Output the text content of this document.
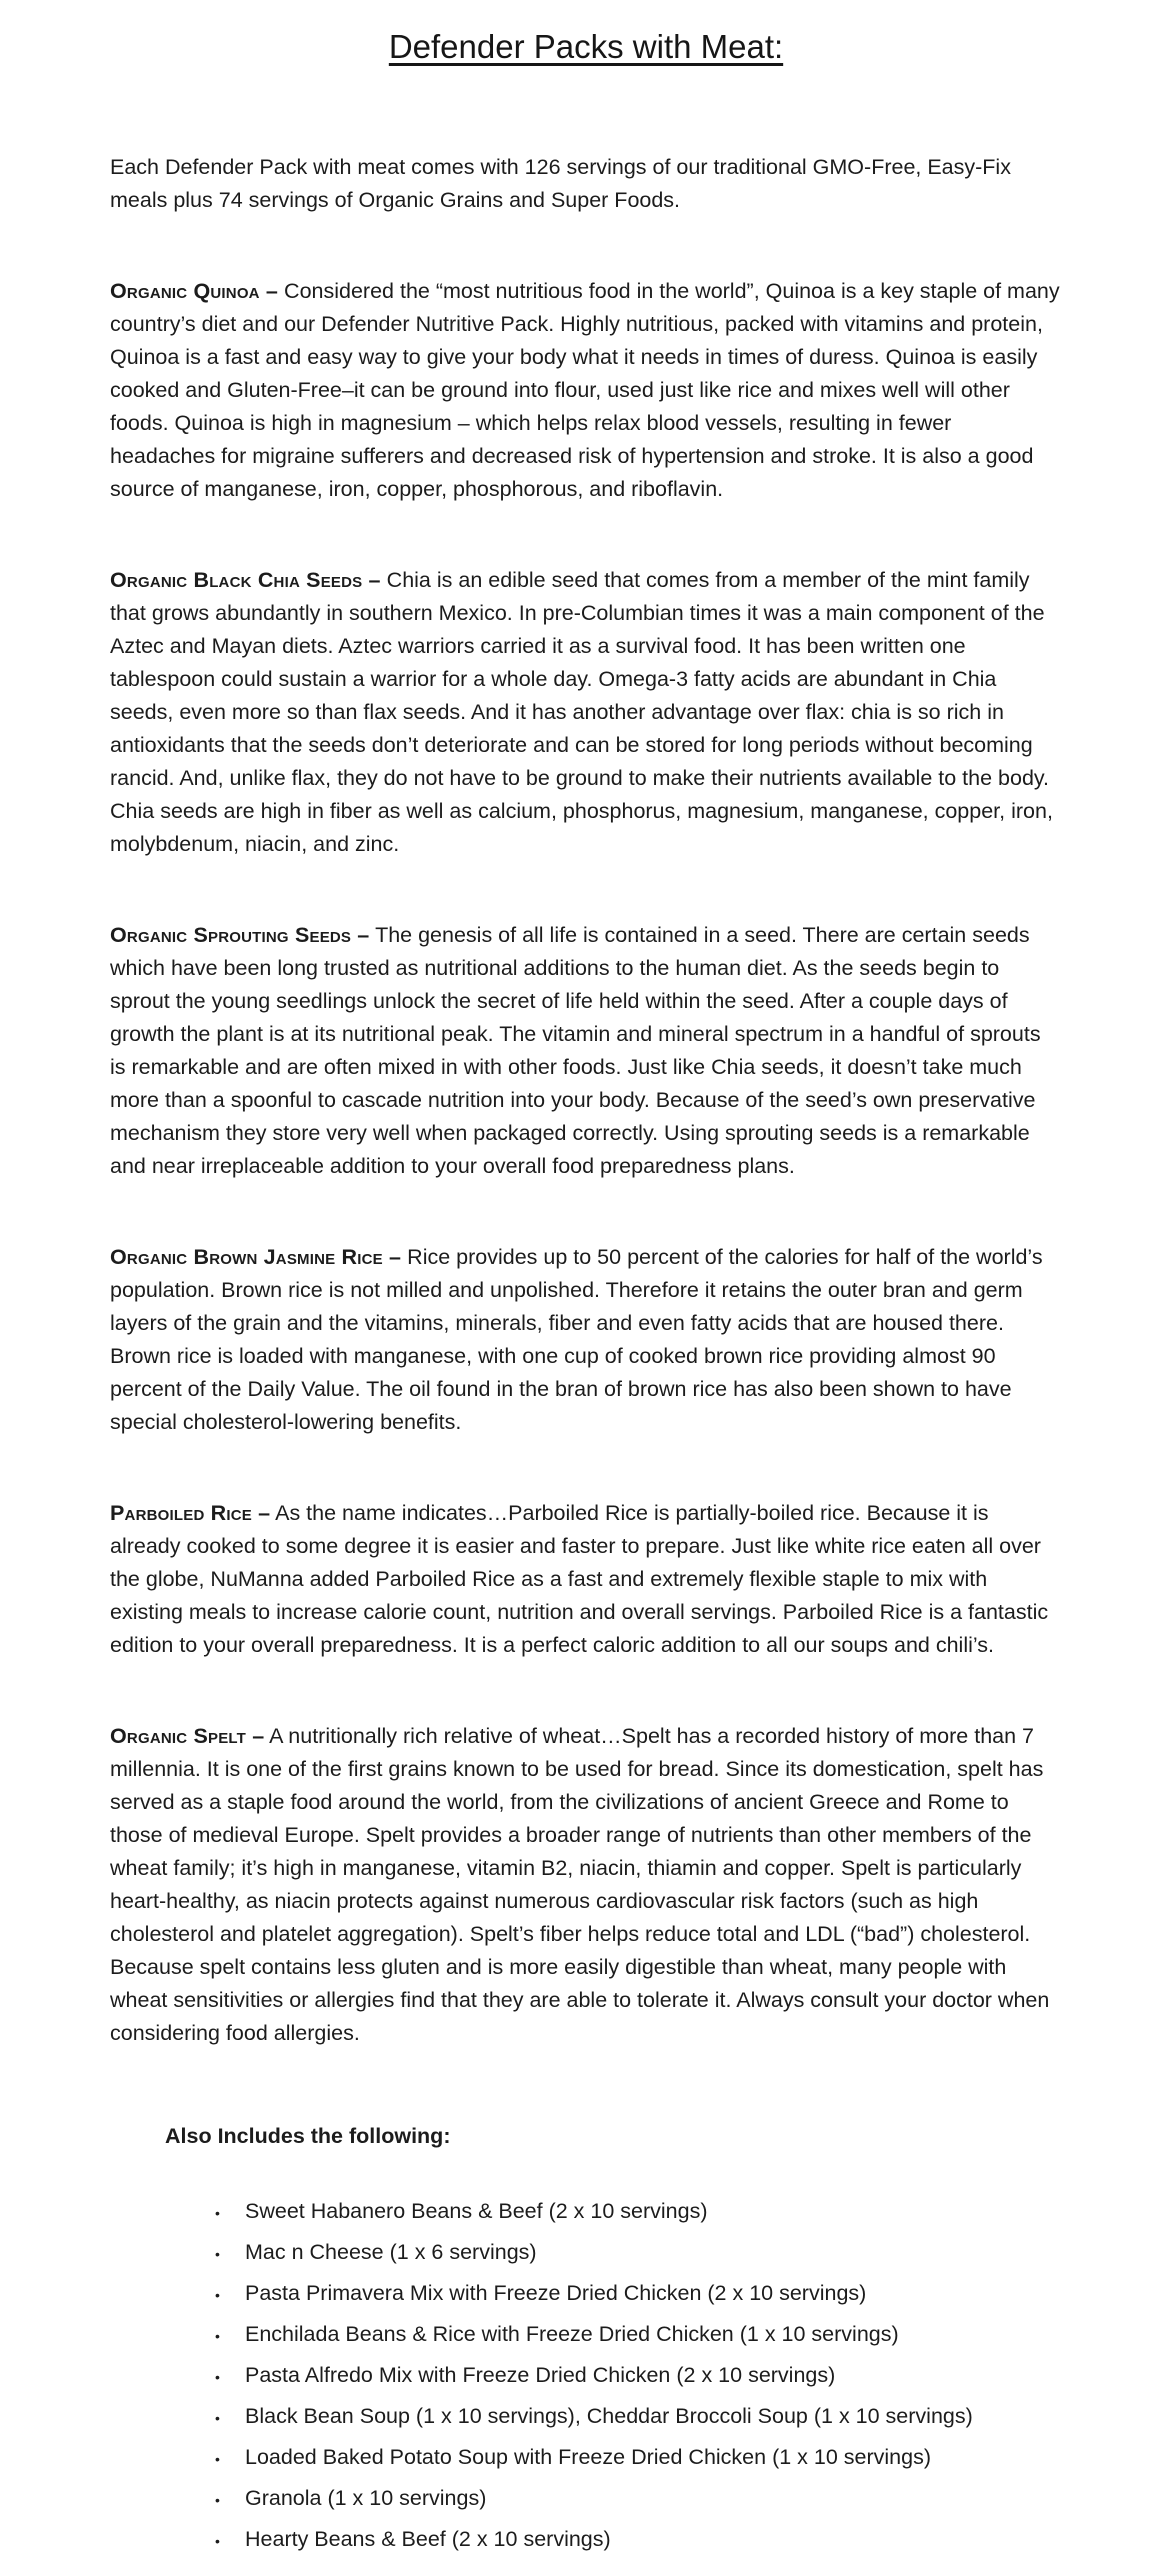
Defender Packs with Meat:

Each Defender Pack with meat comes with 126 servings of our traditional GMO-Free, Easy-Fix meals plus 74 servings of Organic Grains and Super Foods.

Organic Quinoa – Considered the “most nutritious food in the world”, Quinoa is a key staple of many country’s diet and our Defender Nutritive Pack. Highly nutritious, packed with vitamins and protein, Quinoa is a fast and easy way to give your body what it needs in times of duress. Quinoa is easily cooked and Gluten-Free–it can be ground into flour, used just like rice and mixes well will other foods. Quinoa is high in magnesium – which helps relax blood vessels, resulting in fewer headaches for migraine sufferers and decreased risk of hypertension and stroke. It is also a good source of manganese, iron, copper, phosphorous, and riboflavin.

Organic Black Chia Seeds – Chia is an edible seed that comes from a member of the mint family that grows abundantly in southern Mexico. In pre-Columbian times it was a main component of the Aztec and Mayan diets. Aztec warriors carried it as a survival food. It has been written one tablespoon could sustain a warrior for a whole day. Omega-3 fatty acids are abundant in Chia seeds, even more so than flax seeds. And it has another advantage over flax: chia is so rich in antioxidants that the seeds don’t deteriorate and can be stored for long periods without becoming rancid. And, unlike flax, they do not have to be ground to make their nutrients available to the body. Chia seeds are high in fiber as well as calcium, phosphorus, magnesium, manganese, copper, iron, molybdenum, niacin, and zinc.

Organic Sprouting Seeds – The genesis of all life is contained in a seed. There are certain seeds which have been long trusted as nutritional additions to the human diet. As the seeds begin to sprout the young seedlings unlock the secret of life held within the seed. After a couple days of growth the plant is at its nutritional peak. The vitamin and mineral spectrum in a handful of sprouts is remarkable and are often mixed in with other foods. Just like Chia seeds, it doesn’t take much more than a spoonful to cascade nutrition into your body. Because of the seed’s own preservative mechanism they store very well when packaged correctly. Using sprouting seeds is a remarkable and near irreplaceable addition to your overall food preparedness plans.

Organic Brown Jasmine Rice – Rice provides up to 50 percent of the calories for half of the world’s population. Brown rice is not milled and unpolished. Therefore it retains the outer bran and germ layers of the grain and the vitamins, minerals, fiber and even fatty acids that are housed there. Brown rice is loaded with manganese, with one cup of cooked brown rice providing almost 90 percent of the Daily Value. The oil found in the bran of brown rice has also been shown to have special cholesterol-lowering benefits.

Parboiled Rice – As the name indicates…Parboiled Rice is partially-boiled rice. Because it is already cooked to some degree it is easier and faster to prepare. Just like white rice eaten all over the globe, NuManna added Parboiled Rice as a fast and extremely flexible staple to mix with existing meals to increase calorie count, nutrition and overall servings. Parboiled Rice is a fantastic edition to your overall preparedness. It is a perfect caloric addition to all our soups and chili’s.

Organic Spelt – A nutritionally rich relative of wheat…Spelt has a recorded history of more than 7 millennia. It is one of the first grains known to be used for bread. Since its domestication, spelt has served as a staple food around the world, from the civilizations of ancient Greece and Rome to those of medieval Europe. Spelt provides a broader range of nutrients than other members of the wheat family; it’s high in manganese, vitamin B2, niacin, thiamin and copper. Spelt is particularly heart-healthy, as niacin protects against numerous cardiovascular risk factors (such as high cholesterol and platelet aggregation). Spelt’s fiber helps reduce total and LDL (“bad”) cholesterol. Because spelt contains less gluten and is more easily digestible than wheat, many people with wheat sensitivities or allergies find that they are able to tolerate it. Always consult your doctor when considering food allergies.

Also Includes the following:

•	Sweet Habanero Beans & Beef (2 x 10 servings)
•	Mac n Cheese (1 x 6 servings)
•	Pasta Primavera Mix with Freeze Dried Chicken (2 x 10 servings)
•	Enchilada Beans & Rice with Freeze Dried Chicken (1 x 10 servings)
•	Pasta Alfredo Mix with Freeze Dried Chicken (2 x 10 servings)
•	Black Bean Soup (1 x 10 servings), Cheddar Broccoli Soup (1 x 10 servings)
•	Loaded Baked Potato Soup with Freeze Dried Chicken (1 x 10 servings)
•	Granola (1 x 10 servings)
•	Hearty Beans & Beef (2 x 10 servings)
